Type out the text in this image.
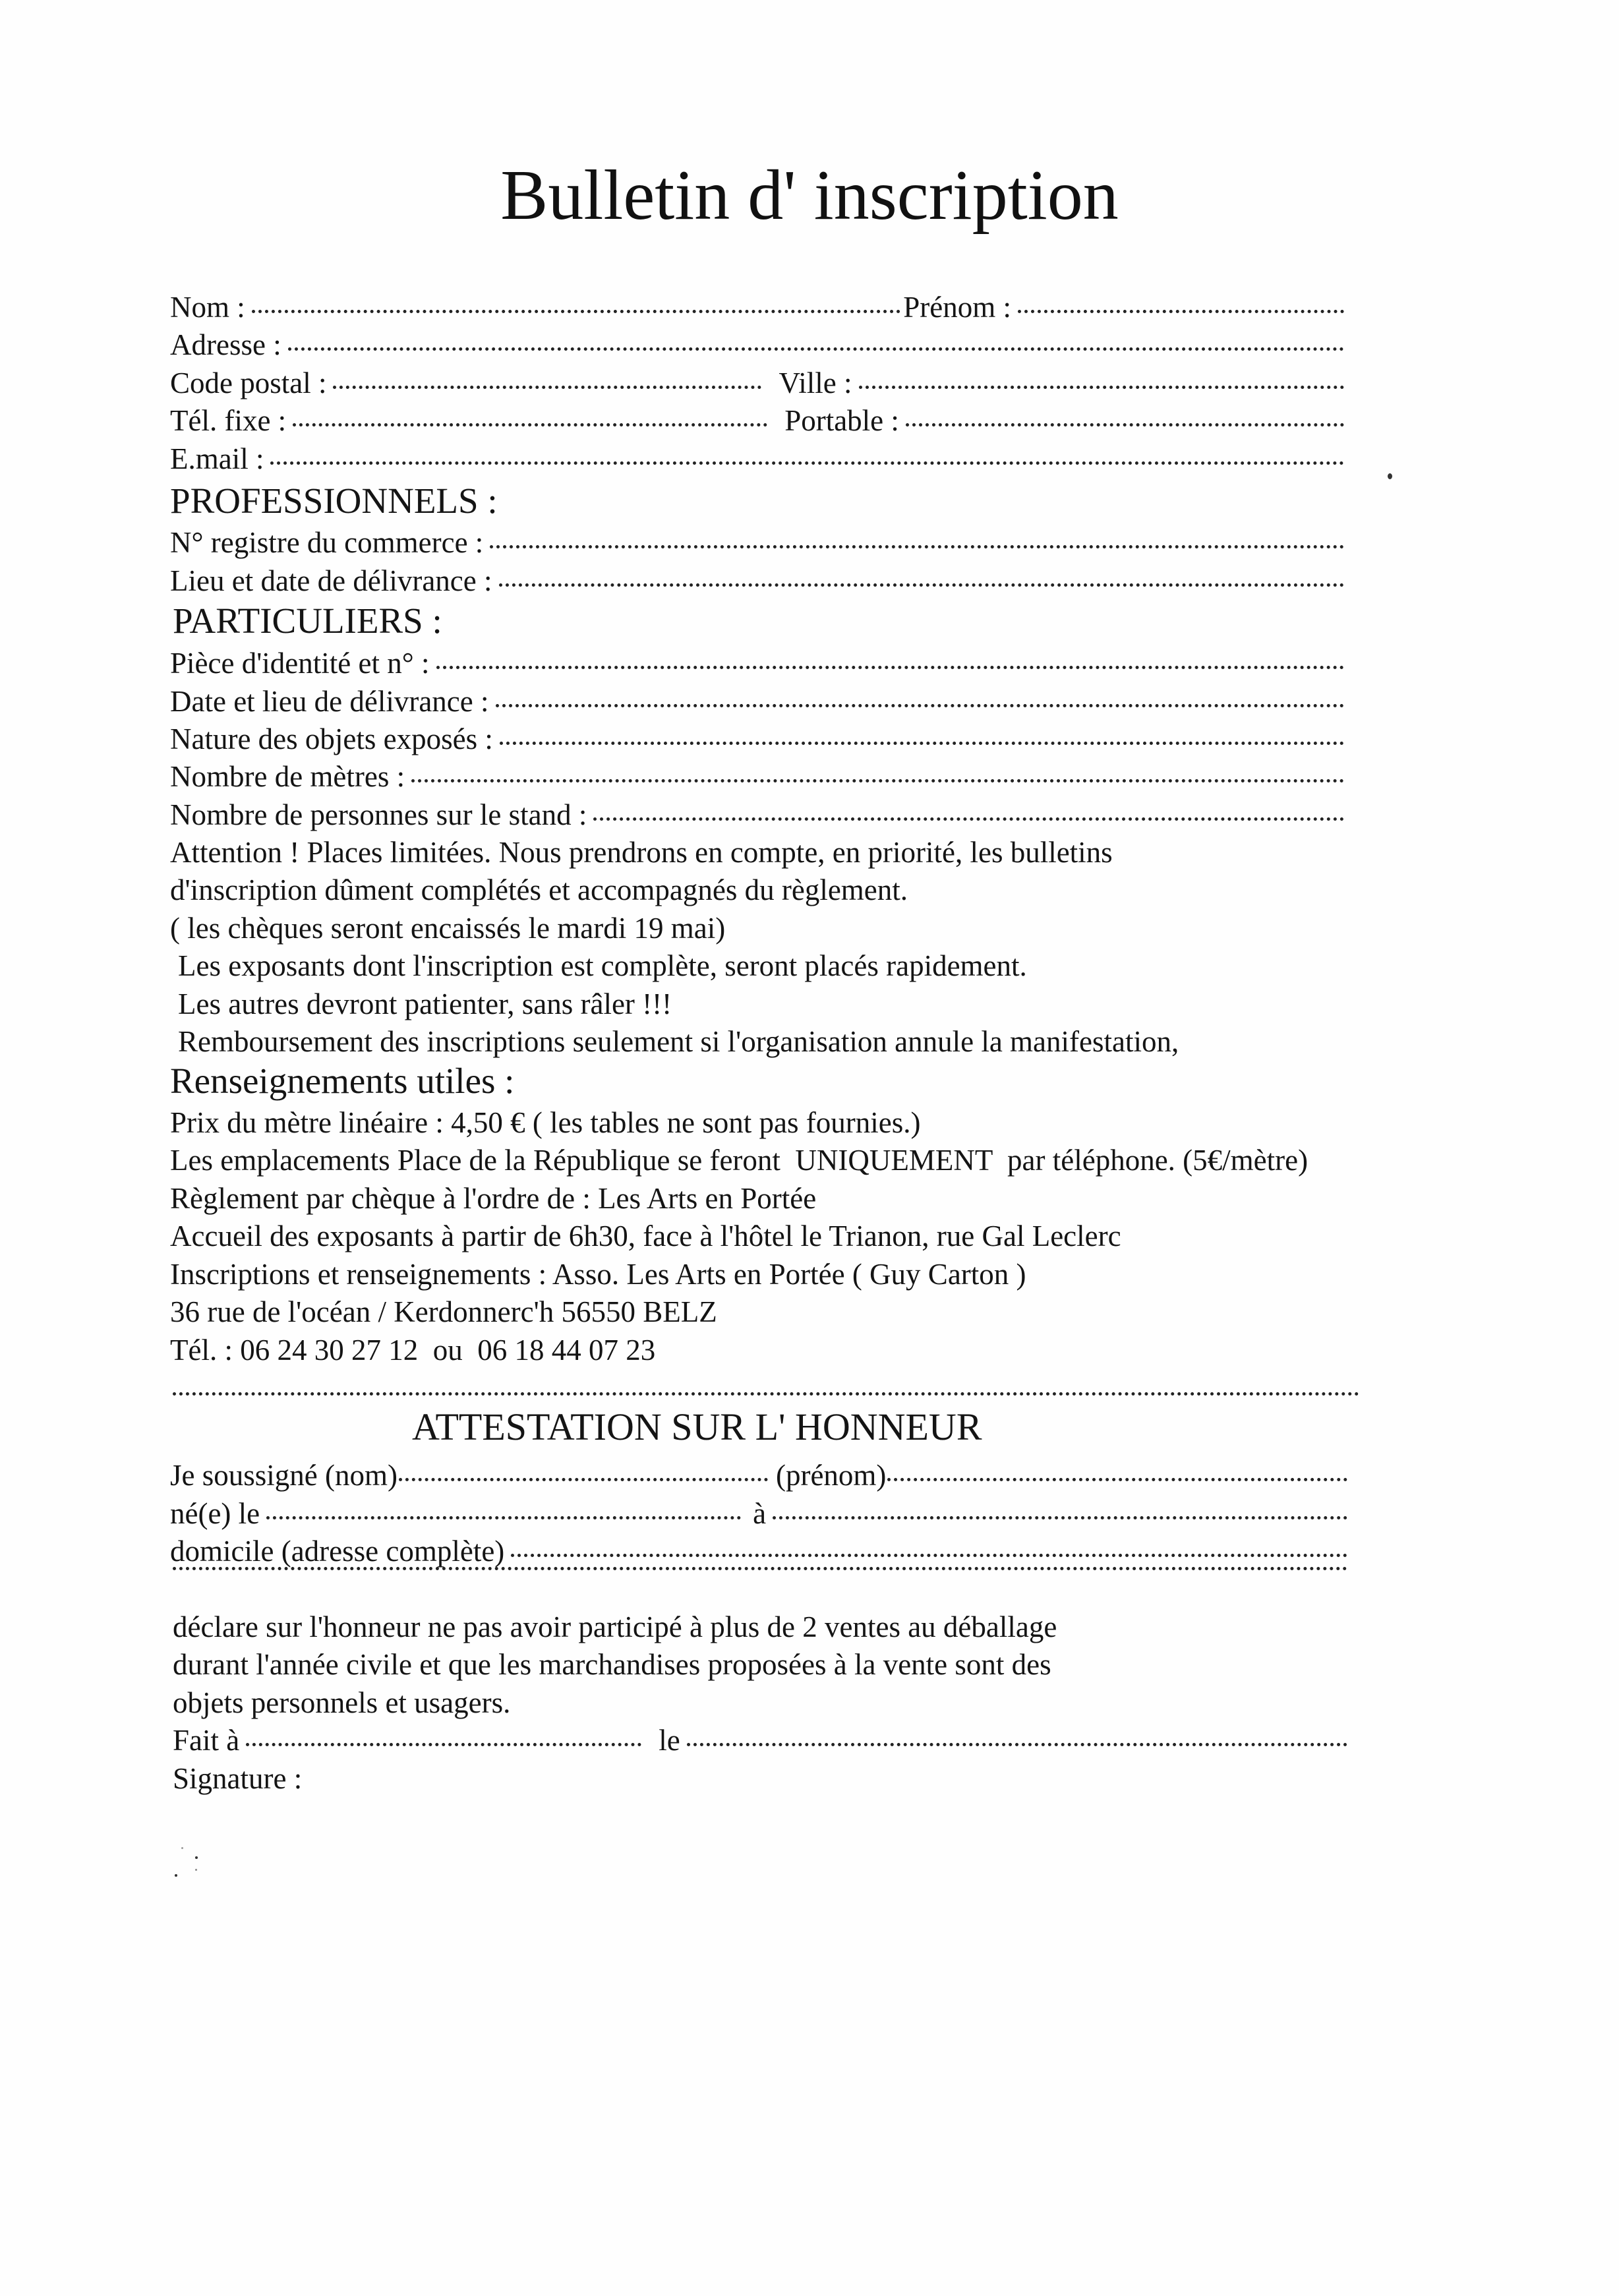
Bulletin d' inscription
Nom :	Prénom :
Adresse :
Code postal :	Ville :
Tél. fixe :	Portable :
E.mail :
PROFESSIONNELS :
N° registre du commerce :
Lieu et date de délivrance :
PARTICULIERS :
Pièce d'identité et n° :
Date et lieu de délivrance :
Nature des objets exposés :
Nombre de mètres :
Nombre de personnes sur le stand :
Attention ! Places limitées. Nous prendrons en compte, en priorité, les bulletins
d'inscription dûment complétés et accompagnés du règlement.
( les chèques seront encaissés le mardi 19 mai)
Les exposants dont l'inscription est complète, seront placés rapidement.
Les autres devront patienter, sans râler !!!
Remboursement des inscriptions seulement si l'organisation annule la manifestation,
Renseignements utiles :
Prix du mètre linéaire : 4,50 € ( les tables ne sont pas fournies.)
Les emplacements Place de la République se feront  UNIQUEMENT  par téléphone. (5€/mètre)
Règlement par chèque à l'ordre de : Les Arts en Portée
Accueil des exposants à partir de 6h30, face à l'hôtel le Trianon, rue Gal Leclerc
Inscriptions et renseignements : Asso. Les Arts en Portée ( Guy Carton )
36 rue de l'océan / Kerdonnerc'h 56550 BELZ
Tél. : 06 24 30 27 12  ou  06 18 44 07 23
ATTESTATION SUR L' HONNEUR
Je soussigné (nom)	(prénom)
né(e) le	à
domicile (adresse complète)
déclare sur l'honneur ne pas avoir participé à plus de 2 ventes au déballage
durant l'année civile et que les marchandises proposées à la vente sont des
objets personnels et usagers.
Fait à	le
Signature :
